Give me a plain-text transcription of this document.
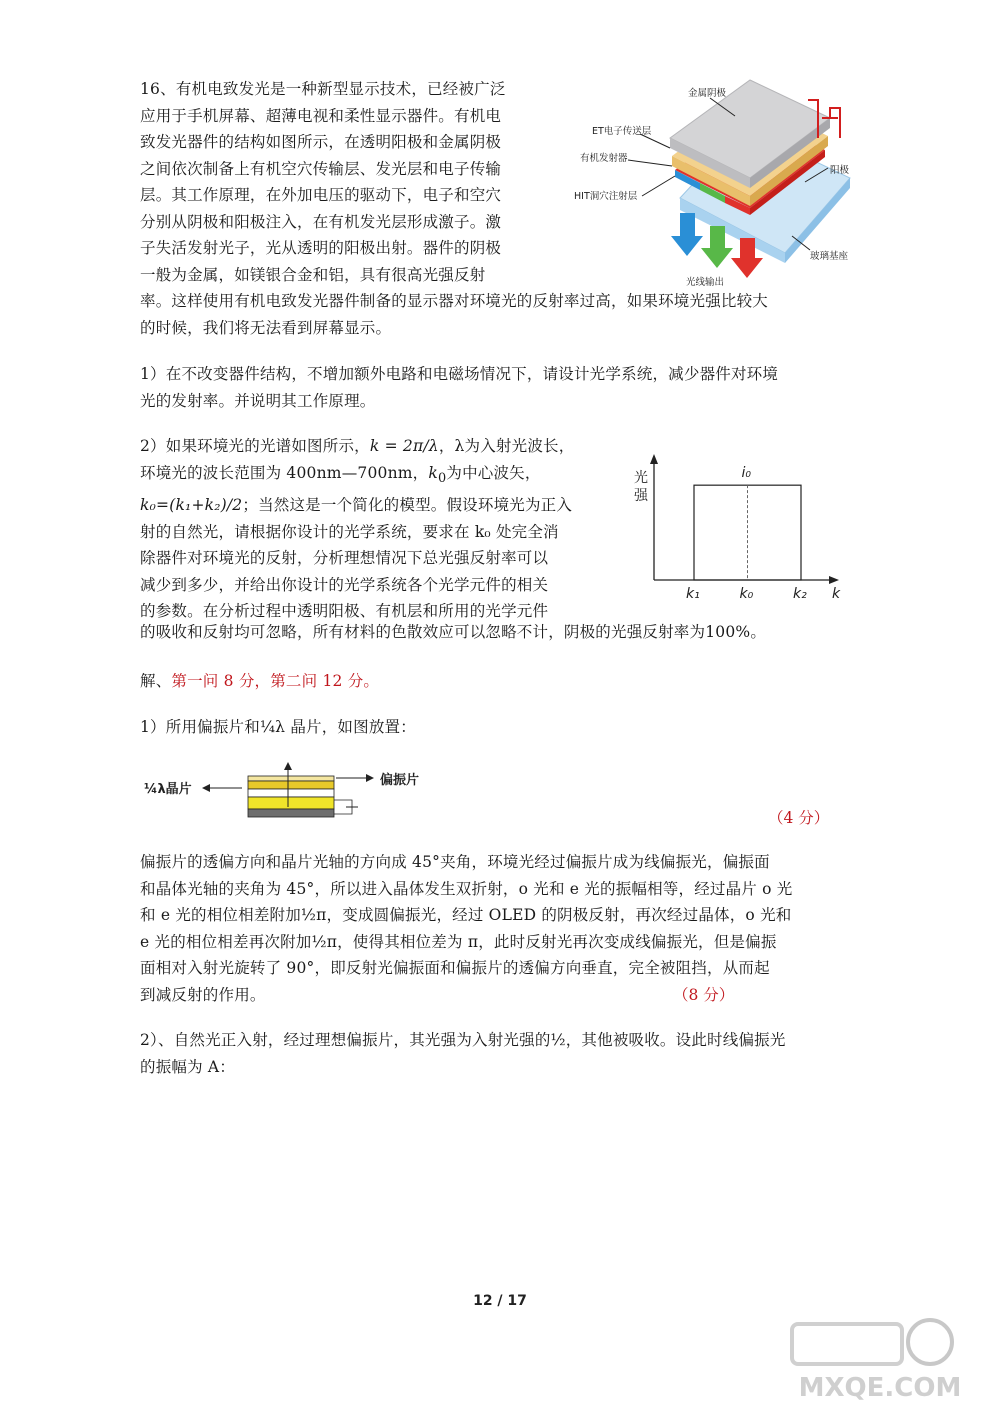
16、有机电致发光是一种新型显示技术，已经被广泛
应用于手机屏幕、超薄电视和柔性显示器件。有机电
致发光器件的结构如图所示，在透明阳极和金属阴极
之间依次制备上有机空穴传输层、发光层和电子传输
层。其工作原理，在外加电压的驱动下，电子和空穴
分别从阴极和阳极注入，在有机发光层形成激子。激
子失活发射光子，光从透明的阳极出射。器件的阴极
一般为金属，如镁银合金和铝，具有很高光强反射
率。这样使用有机电致发光器件制备的显示器对环境光的反射率过高，如果环境光强比较大
的时候，我们将无法看到屏幕显示。
金属阴极
ET电子传送层
有机发射器
HIT洞穴注射层
阳极
玻璃基座
光线输出
1）在不改变器件结构，不增加额外电路和电磁场情况下，请设计光学系统，减少器件对环境
光的发射率。并说明其工作原理。
2）如果环境光的光谱如图所示，k = 2π/λ，λ为入射光波长，
环境光的波长范围为 400nm—700nm，$k_0$为中心波矢，
k₀=(k₁+k₂)/2；当然这是一个简化的模型。假设环境光为正入
射的自然光，请根据你设计的光学系统，要求在 k₀ 处完全消
除器件对环境光的反射，分析理想情况下总光强反射率可以
减少到多少，并给出你设计的光学系统各个光学元件的相关
的参数。在分析过程中透明阳极、有机层和所用的光学元件
的吸收和反射均可忽略，所有材料的色散效应可以忽略不计，阴极的光强反射率为100%。
光
强
k
i₀
k₁	k₀	k₂
解、第一问 8 分，第二问 12 分。
1）所用偏振片和¼λ 晶片，如图放置：
¼λ晶片
偏振片
（4 分）
偏振片的透偏方向和晶片光轴的方向成 45°夹角，环境光经过偏振片成为线偏振光，偏振面
和晶体光轴的夹角为 45°，所以进入晶体发生双折射，o 光和 e 光的振幅相等，经过晶片 o 光
和 e 光的相位相差附加½π，变成圆偏振光，经过 OLED 的阴极反射，再次经过晶体，o 光和
e 光的相位相差再次附加½π，使得其相位差为 π，此时反射光再次变成线偏振光，但是偏振
面相对入射光旋转了 90°，即反射光偏振面和偏振片的透偏方向垂直，完全被阻挡，从而起
到减反射的作用。	（8 分）
2）、自然光正入射，经过理想偏振片，其光强为入射光强的½，其他被吸收。设此时线偏振光
的振幅为 A：
12 / 17
MXQE.COM
